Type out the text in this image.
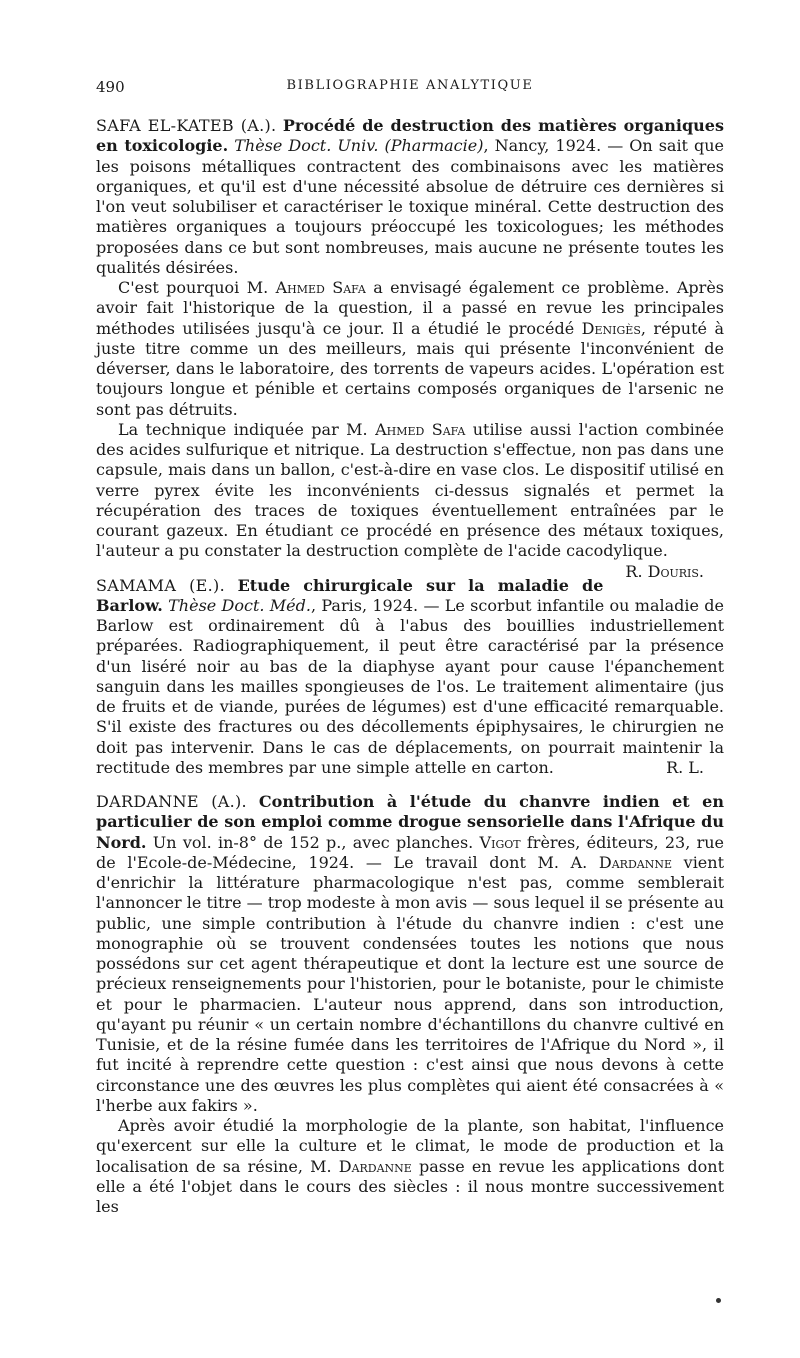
490	BIBLIOGRAPHIE ANALYTIQUE

SAFA EL-KATEB (A.). Procédé de destruction des matières organiques en toxicologie. Thèse Doct. Univ. (Pharmacie), Nancy, 1924. — On sait que les poisons métalliques contractent des combinaisons avec les matières organiques, et qu'il est d'une nécessité absolue de détruire ces dernières si l'on veut solubiliser et caractériser le toxique minéral. Cette destruction des matières organiques a toujours préoccupé les toxicologues; les méthodes proposées dans ce but sont nombreuses, mais aucune ne présente toutes les qualités désirées.

C'est pourquoi M. Ahmed Safa a envisagé également ce problème. Après avoir fait l'historique de la question, il a passé en revue les principales méthodes utilisées jusqu'à ce jour. Il a étudié le procédé Denigès, réputé à juste titre comme un des meilleurs, mais qui présente l'inconvénient de déverser, dans le laboratoire, des torrents de vapeurs acides. L'opération est toujours longue et pénible et certains composés organiques de l'arsenic ne sont pas détruits.

La technique indiquée par M. Ahmed Safa utilise aussi l'action combinée des acides sulfurique et nitrique. La destruction s'effectue, non pas dans une capsule, mais dans un ballon, c'est-à-dire en vase clos. Le dispositif utilisé en verre pyrex évite les inconvénients ci-dessus signalés et permet la récupération des traces de toxiques éventuellement entraînées par le courant gazeux. En étudiant ce procédé en présence des métaux toxiques, l'auteur a pu constater la destruction complète de l'acide cacodylique.
R. Douris.

SAMAMA (E.). Etude chirurgicale sur la maladie de Barlow. Thèse Doct. Méd., Paris, 1924. — Le scorbut infantile ou maladie de Barlow est ordinairement dû à l'abus des bouillies industriellement préparées. Radiographiquement, il peut être caractérisé par la présence d'un liséré noir au bas de la diaphyse ayant pour cause l'épanchement sanguin dans les mailles spongieuses de l'os. Le traitement alimentaire (jus de fruits et de viande, purées de légumes) est d'une efficacité remarquable. S'il existe des fractures ou des décollements épiphysaires, le chirurgien ne doit pas intervenir. Dans le cas de déplacements, on pourrait maintenir la rectitude des membres par une simple attelle en carton.	R. L.

DARDANNE (A.). Contribution à l'étude du chanvre indien et en particulier de son emploi comme drogue sensorielle dans l'Afrique du Nord. Un vol. in-8° de 152 p., avec planches. Vigot frères, éditeurs, 23, rue de l'Ecole-de-Médecine, 1924. — Le travail dont M. A. Dardanne vient d'enrichir la littérature pharmacologique n'est pas, comme semblerait l'annoncer le titre — trop modeste à mon avis — sous lequel il se présente au public, une simple contribution à l'étude du chanvre indien : c'est une monographie où se trouvent condensées toutes les notions que nous possédons sur cet agent thérapeutique et dont la lecture est une source de précieux renseignements pour l'historien, pour le botaniste, pour le chimiste et pour le pharmacien. L'auteur nous apprend, dans son introduction, qu'ayant pu réunir « un certain nombre d'échantillons du chanvre cultivé en Tunisie, et de la résine fumée dans les territoires de l'Afrique du Nord », il fut incité à reprendre cette question : c'est ainsi que nous devons à cette circonstance une des œuvres les plus complètes qui aient été consacrées à « l'herbe aux fakirs ».

Après avoir étudié la morphologie de la plante, son habitat, l'influence qu'exercent sur elle la culture et le climat, le mode de production et la localisation de sa résine, M. Dardanne passe en revue les applications dont elle a été l'objet dans le cours des siècles : il nous montre successivement les
